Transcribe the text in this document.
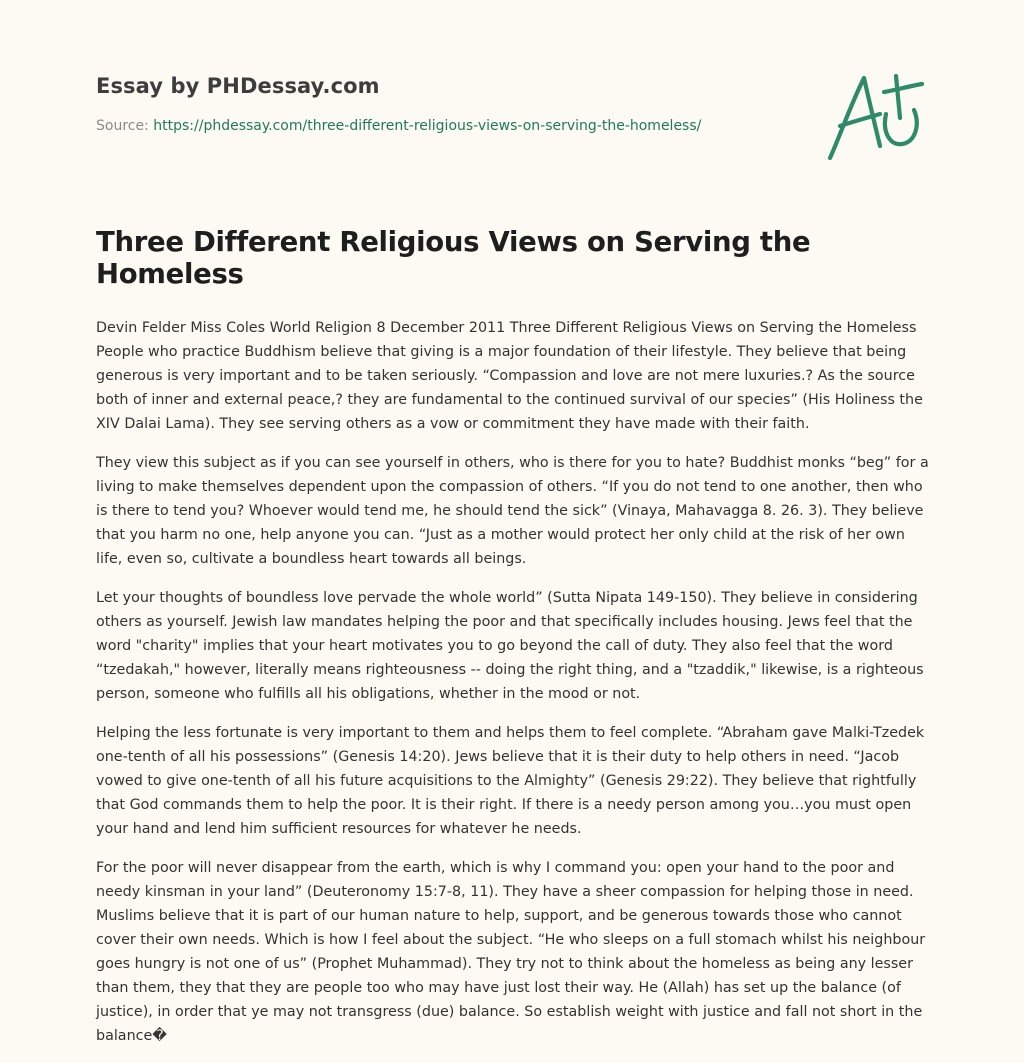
Essay by PHDessay.com
Source: https://phdessay.com/three-different-religious-views-on-serving-the-homeless/
Three Different Religious Views on Serving the Homeless

Devin Felder Miss Coles World Religion 8 December 2011 Three Different Religious Views on Serving the Homeless People who practice Buddhism believe that giving is a major foundation of their lifestyle. They believe that being generous is very important and to be taken seriously. “Compassion and love are not mere luxuries.? As the source both of inner and external peace,? they are fundamental to the continued survival of our species” (His Holiness the XIV Dalai Lama). They see serving others as a vow or commitment they have made with their faith.

They view this subject as if you can see yourself in others, who is there for you to hate? Buddhist monks “beg” for a living to make themselves dependent upon the compassion of others. “If you do not tend to one another, then who is there to tend you? Whoever would tend me, he should tend the sick” (Vinaya, Mahavagga 8. 26. 3). They believe that you harm no one, help anyone you can. “Just as a mother would protect her only child at the risk of her own life, even so, cultivate a boundless heart towards all beings.

Let your thoughts of boundless love pervade the whole world” (Sutta Nipata 149-150). They believe in considering others as yourself. Jewish law mandates helping the poor and that specifically includes housing. Jews feel that the word "charity" implies that your heart motivates you to go beyond the call of duty. They also feel that the word “tzedakah," however, literally means righteousness -- doing the right thing, and a "tzaddik," likewise, is a righteous person, someone who fulfills all his obligations, whether in the mood or not.

Helping the less fortunate is very important to them and helps them to feel complete. “Abraham gave Malki-Tzedek one-tenth of all his possessions” (Genesis 14:20). Jews believe that it is their duty to help others in need. “Jacob vowed to give one-tenth of all his future acquisitions to the Almighty” (Genesis 29:22). They believe that rightfully that God commands them to help the poor. It is their right. If there is a needy person among you…you must open your hand and lend him sufficient resources for whatever he needs.

For the poor will never disappear from the earth, which is why I command you: open your hand to the poor and needy kinsman in your land” (Deuteronomy 15:7-8, 11). They have a sheer compassion for helping those in need. Muslims believe that it is part of our human nature to help, support, and be generous towards those who cannot cover their own needs. Which is how I feel about the subject. “He who sleeps on a full stomach whilst his neighbour goes hungry is not one of us” (Prophet Muhammad). They try not to think about the homeless as being any lesser than them, they that they are people too who may have just lost their way. He (Allah) has set up the balance (of justice), in order that ye may not transgress (due) balance. So establish weight with justice and fall not short in the balance�
